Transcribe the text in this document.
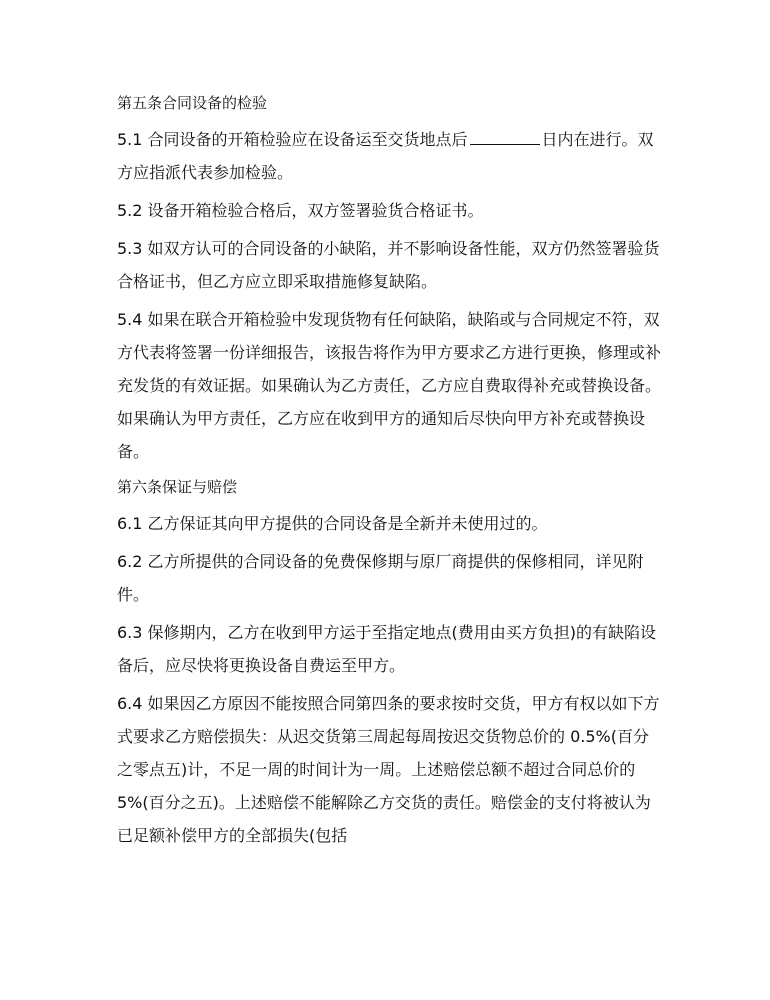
第五条合同设备的检验
5.1 合同设备的开箱检验应在设备运至交货地点后	日内在进行。双方应指派代表参加检验。
5.2 设备开箱检验合格后，双方签署验货合格证书。
5.3 如双方认可的合同设备的小缺陷，并不影响设备性能，双方仍然签署验货合格证书，但乙方应立即采取措施修复缺陷。
5.4 如果在联合开箱检验中发现货物有任何缺陷，缺陷或与合同规定不符，双方代表将签署一份详细报告，该报告将作为甲方要求乙方进行更换，修理或补充发货的有效证据。如果确认为乙方责任，乙方应自费取得补充或替换设备。如果确认为甲方责任，乙方应在收到甲方的通知后尽快向甲方补充或替换设备。
第六条保证与赔偿
6.1 乙方保证其向甲方提供的合同设备是全新并未使用过的。
6.2 乙方所提供的合同设备的免费保修期与原厂商提供的保修相同，详见附件。
6.3 保修期内，乙方在收到甲方运于至指定地点(费用由买方负担)的有缺陷设备后，应尽快将更换设备自费运至甲方。
6.4 如果因乙方原因不能按照合同第四条的要求按时交货，甲方有权以如下方式要求乙方赔偿损失：从迟交货第三周起每周按迟交货物总价的 0.5%(百分之零点五)计，不足一周的时间计为一周。上述赔偿总额不超过合同总价的 5%(百分之五)。上述赔偿不能解除乙方交货的责任。赔偿金的支付将被认为已足额补偿甲方的全部损失(包括
